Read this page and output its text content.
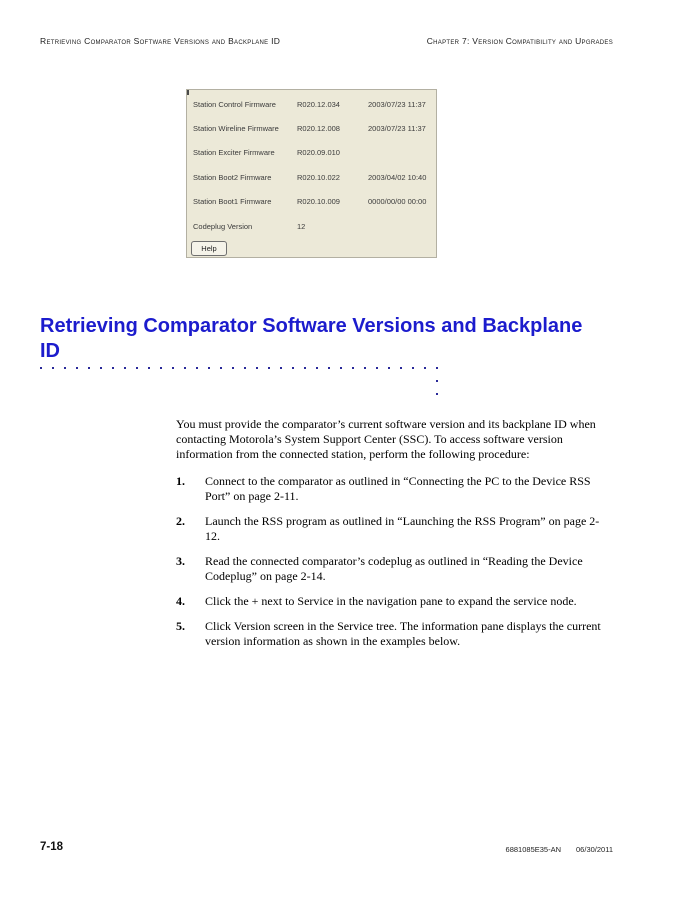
Retrieving Comparator Software Versions and Backplane ID	Chapter 7: Version Compatibility and Upgrades
Station Control Firmware	R020.12.034	2003/07/23 11:37
Station Wireline Firmware	R020.12.008	2003/07/23 11:37
Station Exciter Firmware	R020.09.010
Station Boot2 Firmware	R020.10.022	2003/04/02 10:40
Station Boot1 Firmware	R020.10.009	0000/00/00 00:00
Codeplug Version	12
Help
Retrieving Comparator Software Versions and Backplane ID
You must provide the comparator’s current software version and its backplane ID when contacting Motorola’s System Support Center (SSC). To access software version information from the connected station, perform the following procedure:
1.	Connect to the comparator as outlined in “Connecting the PC to the Device RSS Port” on page 2-11.
2.	Launch the RSS program as outlined in “Launching the RSS Program” on page 2-12.
3.	Read the connected comparator’s codeplug as outlined in “Reading the Device Codeplug” on page 2-14.
4.	Click the + next to Service in the navigation pane to expand the service node.
5.	Click Version screen in the Service tree. The information pane displays the current version information as shown in the examples below.
7-18	6881085E35-AN 06/30/2011
